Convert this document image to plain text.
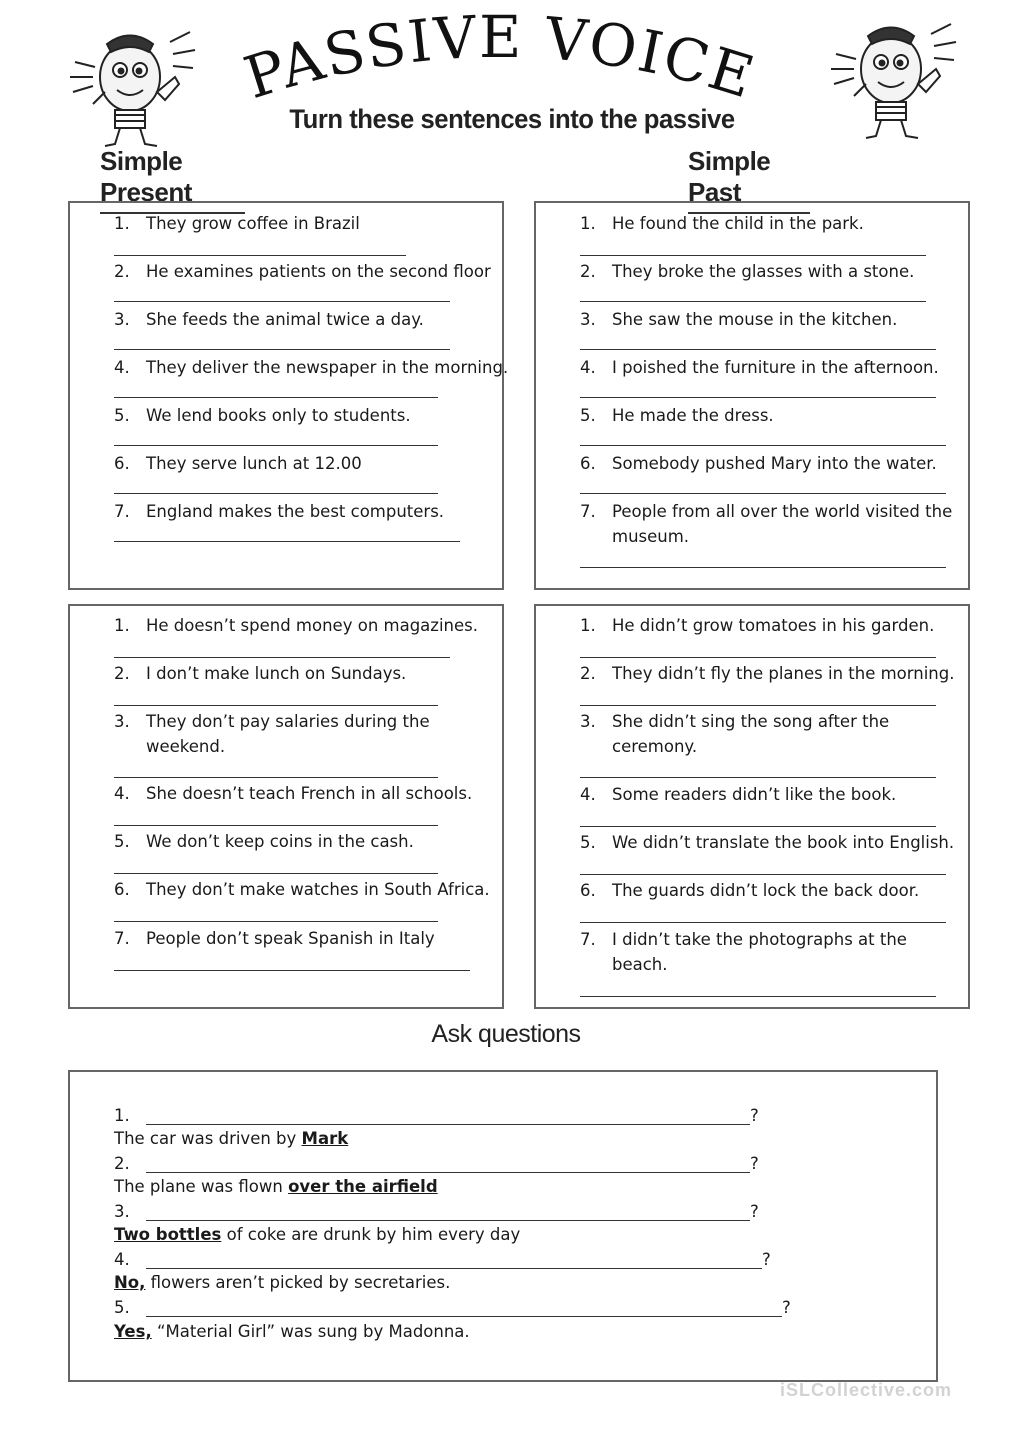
PASSIVE VOICE
Turn these sentences into the passive
Simple Present
Simple Past
1. They grow coffee in Brazil
2. He examines patients on the second floor
3. She feeds the animal twice a day.
4. They deliver the newspaper in the morning.
5. We lend books only to students.
6. They serve lunch at 12.00
7. England makes the best computers.
1. He found the child in the park.
2. They broke the glasses with a stone.
3. She saw the mouse in the kitchen.
4. I poished the furniture in the afternoon.
5. He made the dress.
6. Somebody pushed Mary into the water.
7. People from all over the world visited the
museum.
1. He doesn’t spend money on magazines.
2. I don’t make lunch on Sundays.
3. They don’t pay salaries during the
weekend.
4. She doesn’t teach French in all schools.
5. We don’t keep coins in the cash.
6. They don’t make watches in South Africa.
7. People don’t speak Spanish in Italy
1. He didn’t grow tomatoes in his garden.
2. They didn’t fly the planes in the morning.
3. She didn’t sing the song after the
ceremony.
4. Some readers didn’t like the book.
5. We didn’t translate the book into English.
6. The guards didn’t lock the back door.
7. I didn’t take the photographs at the
beach.
Ask questions
1.	?
The car was driven by Mark
2.	?
The plane was flown over the airfield
3.	?
Two bottles of coke are drunk by him every day
4.	?
No, flowers aren’t picked by secretaries.
5.	?
Yes, “Material Girl” was sung by Madonna.
iSLCollective.com
